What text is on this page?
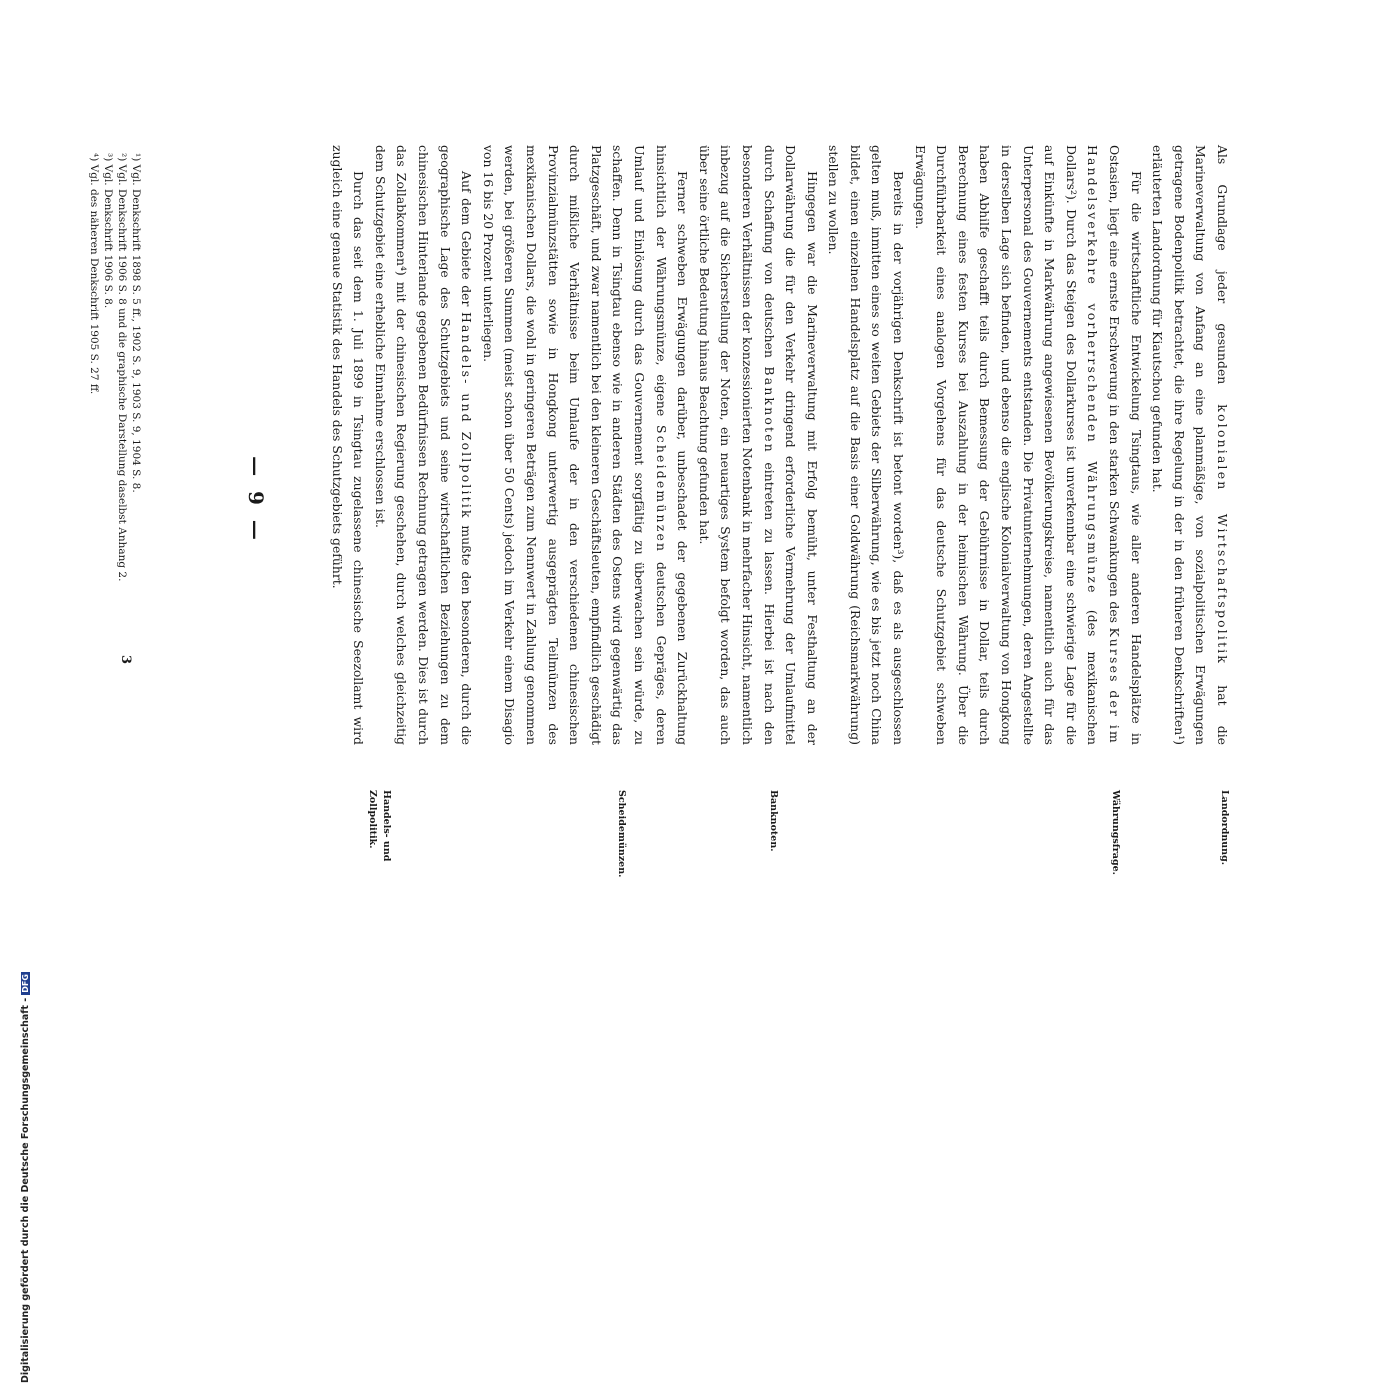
— 9 —

Als Grundlage jeder gesunden kolonialen Wirtschaftspolitik hat die Marineverwaltung von Anfang an eine planmäßige, von sozialpolitischen Erwägungen getragene Bodenpolitik betrachtet, die ihre Regelung in der in den früheren Denkschriften¹) erläuterten Landordnung für Kiautschou gefunden hat.

Für die wirtschaftliche Entwickelung Tsingtaus, wie aller anderen Handelsplätze in Ostasien, liegt eine ernste Erschwerung in den starken Schwankungen des Kurses der im Handelsverkehre vorherrschenden Währungsmünze (des mexikanischen Dollars²). Durch das Steigen des Dollarkurses ist unverkennbar eine schwierige Lage für die auf Einkünfte in Markwährung angewiesenen Bevölkerungskreise, namentlich auch für das Unterpersonal des Gouvernements entstanden. Die Privatunternehmungen, deren Angestellte in derselben Lage sich befinden, und ebenso die englische Kolonialverwaltung von Hongkong haben Abhilfe geschafft teils durch Bemessung der Gebührnisse in Dollar, teils durch Berechnung eines festen Kurses bei Auszahlung in der heimischen Währung. Über die Durchführbarkeit eines analogen Vorgehens für das deutsche Schutzgebiet schweben Erwägungen.

Bereits in der vorjährigen Denkschrift ist betont worden³), daß es als ausgeschlossen gelten muß, inmitten eines so weiten Gebiets der Silberwährung, wie es bis jetzt noch China bildet, einen einzelnen Handelsplatz auf die Basis einer Goldwährung (Reichsmarkwährung) stellen zu wollen.

Hingegen war die Marineverwaltung mit Erfolg bemüht, unter Festhaltung an der Dollarwährung die für den Verkehr dringend erforderliche Vermehrung der Umlaufmittel durch Schaffung von deutschen Banknoten eintreten zu lassen. Hierbei ist nach den besonderen Verhältnissen der konzessionierten Notenbank in mehrfacher Hinsicht, namentlich inbezug auf die Sicherstellung der Noten, ein neuartiges System befolgt worden, das auch über seine örtliche Bedeutung hinaus Beachtung gefunden hat.

Ferner schweben Erwägungen darüber, unbeschadet der gegebenen Zurückhaltung hinsichtlich der Währungsmünze, eigene Scheidemünzen deutschen Gepräges, deren Umlauf und Einlösung durch das Gouvernement sorgfältig zu überwachen sein würde, zu schaffen. Denn in Tsingtau ebenso wie in anderen Städten des Ostens wird gegenwärtig das Platzgeschäft, und zwar namentlich bei den kleineren Geschäftsleuten, empfindlich geschädigt durch mißliche Verhältnisse beim Umlaufe der in den verschiedenen chinesischen Provinzialmünzstätten sowie in Hongkong unterwertig ausgeprägten Teilmünzen des mexikanischen Dollars, die wohl in geringeren Beträgen zum Nennwert in Zahlung genommen werden, bei größeren Summen (meist schon über 50 Cents) jedoch im Verkehr einem Disagio von 16 bis 20 Prozent unterliegen.

Auf dem Gebiete der Handels- und Zollpolitik mußte den besonderen, durch die geographische Lage des Schutzgebiets und seine wirtschaftlichen Beziehungen zu dem chinesischen Hinterlande gegebenen Bedürfnissen Rechnung getragen werden. Dies ist durch das Zollabkommen⁴) mit der chinesischen Regierung geschehen, durch welches gleichzeitig dem Schutzgebiet eine erhebliche Einnahme erschlossen ist.

Durch das seit dem 1. Juli 1899 in Tsingtau zugelassene chinesische Seezollamt wird zugleich eine genaue Statistik des Handels des Schutzgebiets geführt.

Landordnung.
Währungsfrage.
Banknoten.
Scheidemünzen.
Handels- und Zollpolitik.

¹) Vgl. Denkschrift 1898 S. 5 ff., 1902 S. 9, 1903 S. 9, 1904 S. 8.

²) Vgl. Denkschrift 1906 S. 8 und die graphische Darstellung daselbst Anhang 2.

³) Vgl. Denkschrift 1906 S. 8.

⁴) Vgl. des näheren Denkschrift 1905 S. 27 ff.

3
Digitalisierung gefördert durch die Deutsche Forschungsgemeinschaft -DFG
